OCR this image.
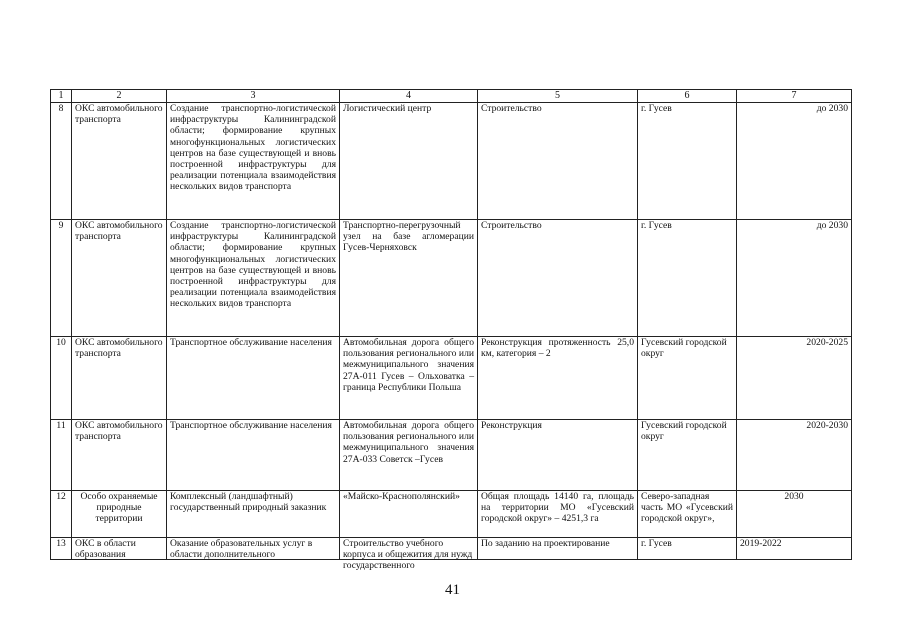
1	2	3	4	5	6	7

8	ОКС автомобильного транспорта	Создание транспортно-логистической инфраструктуры Калининградской области; формирование крупных многофункциональных логистических центров на базе существующей и вновь построенной инфраструктуры для реализации потенциала взаимодействия нескольких видов транспорта	Логистический центр	Строительство	г. Гусев	до 2030

9	ОКС автомобильного транспорта	Создание транспортно-логистической инфраструктуры Калининградской области; формирование крупных многофункциональных логистических центров на базе существующей и вновь построенной инфраструктуры для реализации потенциала взаимодействия нескольких видов транспорта	Транспортно-перегрузочный узел на базе агломерации Гусев-Черняховск	Строительство	г. Гусев	до 2030

10	ОКС автомобильного транспорта	Транспортное обслуживание населения	Автомобильная дорога общего пользования регионального или межмуниципального значения 27А-011 Гусев – Ольховатка – граница Республики Польша	Реконструкция протяженность 25,0 км, категория – 2	Гусевский городской округ	2020-2025

11	ОКС автомобильного транспорта	Транспортное обслуживание населения	Автомобильная дорога общего пользования регионального или межмуниципального значения 27А-033 Советск –Гусев	Реконструкция	Гусевский городской округ	2020-2030

12	Особо охраняемые природные территории	Комплексный (ландшафтный) государственный природный заказник	«Майско-Краснополянский»	Общая площадь 14140 га, площадь на территории МО «Гусевский городской округ» – 4251,3 га	Северо-западная часть МО «Гусевский городской округ»,	2030

13	ОКС в области образования	Оказание образовательных услуг в области дополнительного	Строительство учебного корпуса и общежития для нужд государственного	По заданию на проектирование	г. Гусев	2019-2022
41
